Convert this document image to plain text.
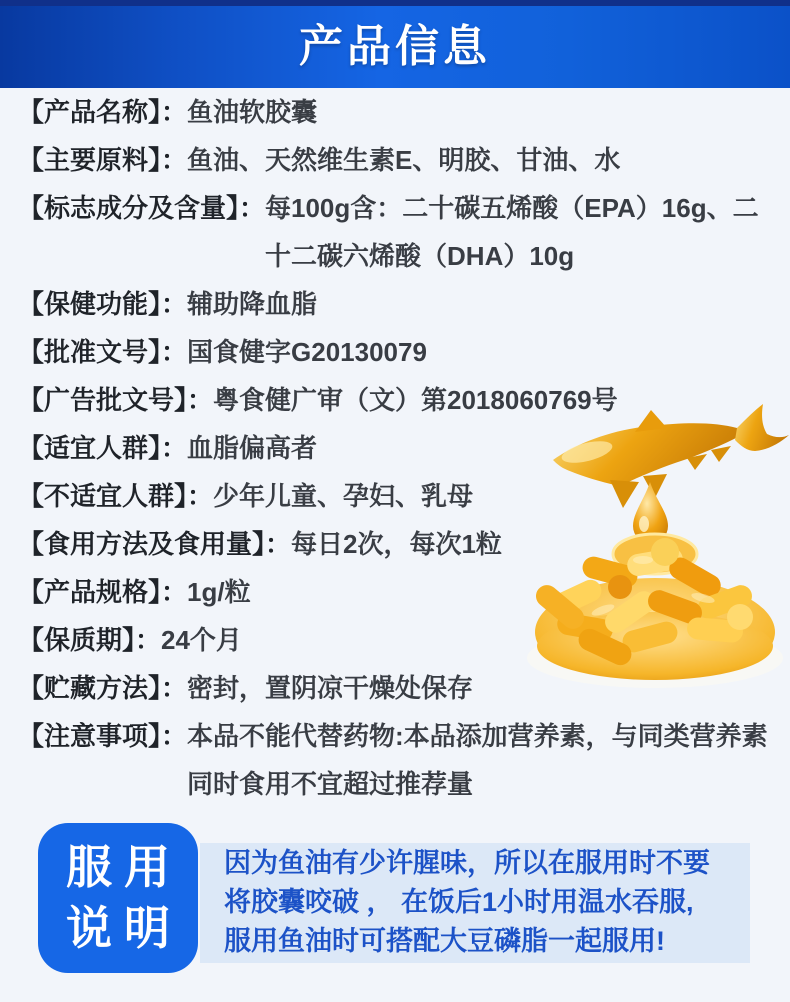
产品信息
【产品名称】： 鱼油软胶囊
【主要原料】： 鱼油、天然维生素E、明胶、甘油、水
【标志成分及含量】： 每100g含：二十碳五烯酸（EPA）16g、二十二碳六烯酸（DHA）10g
【保健功能】： 辅助降血脂
【批准文号】： 国食健字G20130079
【广告批文号】： 粤食健广审（文）第2018060769号
【适宜人群】： 血脂偏高者
【不适宜人群】： 少年儿童、孕妇、乳母
【食用方法及食用量】： 每日2次，每次1粒
【产品规格】： 1g/粒
【保质期】： 24个月
【贮藏方法】： 密封，置阴凉干燥处保存
【注意事项】： 本品不能代替药物:本品添加营养素，与同类营养素同时食用不宜超过推荐量
服用
说明
因为鱼油有少许腥味，所以在服用时不要
将胶囊咬破 ， 在饭后1小时用温水吞服,
服用鱼油时可搭配大豆磷脂一起服用!
